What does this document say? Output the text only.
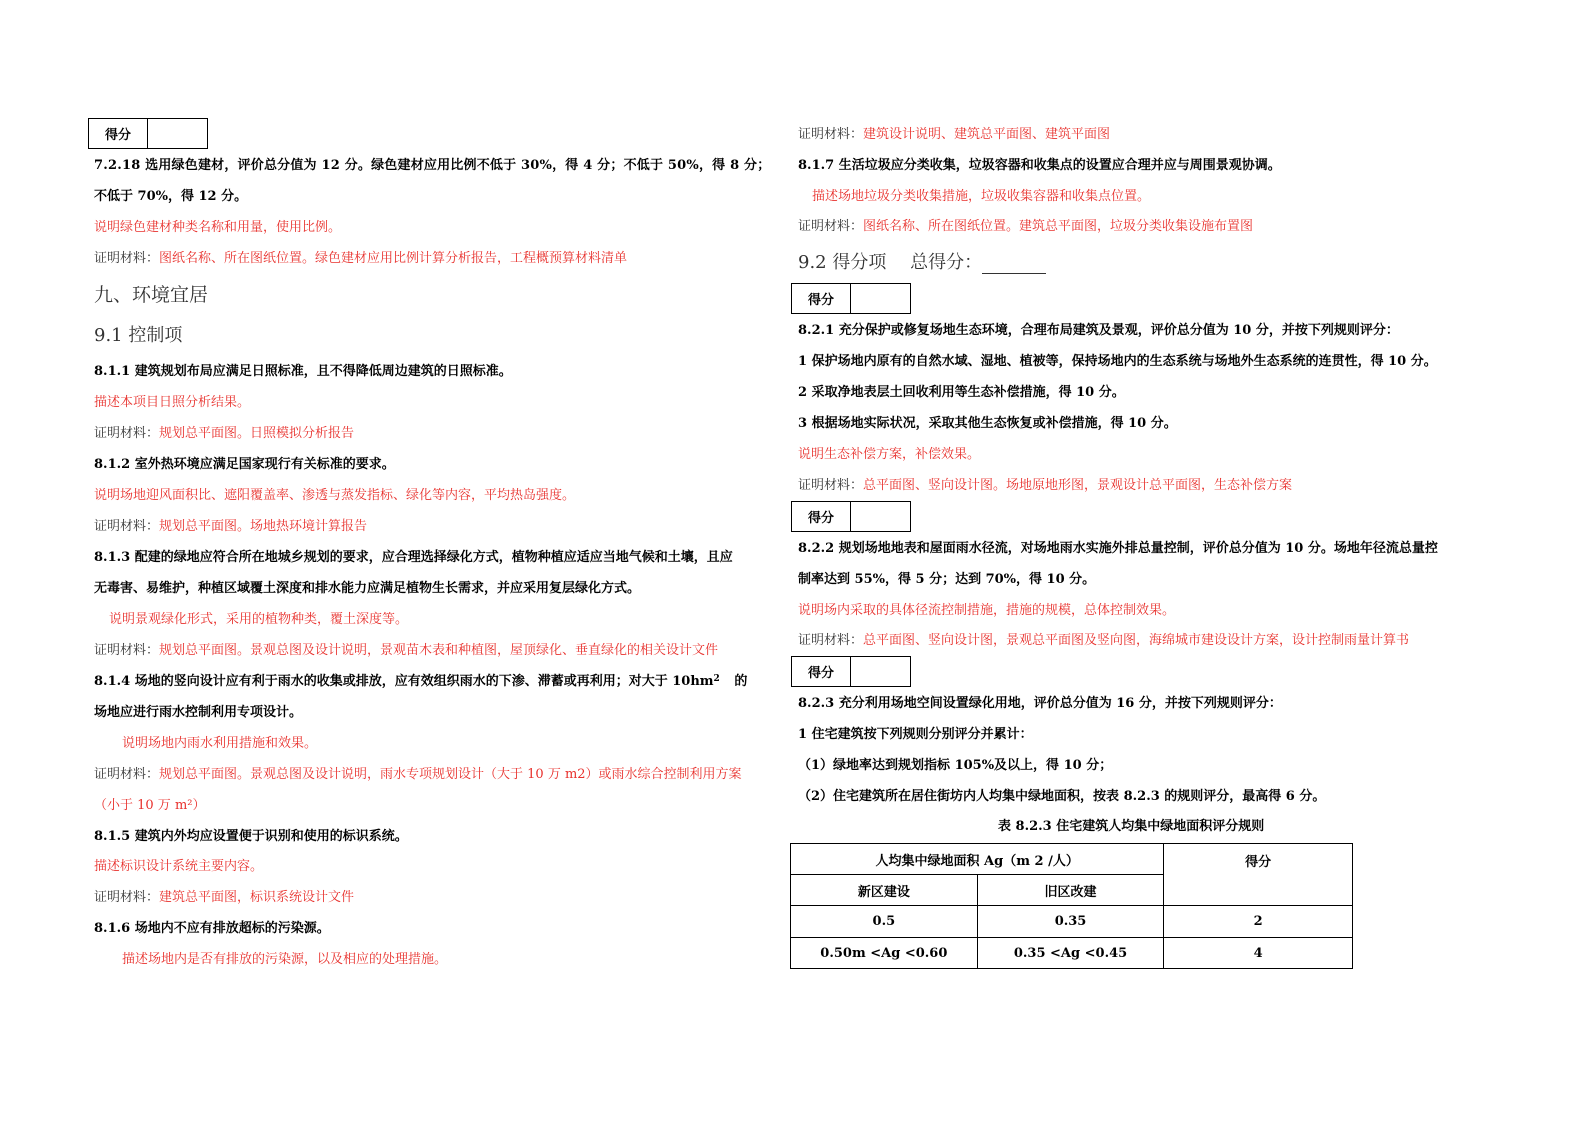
得分
7.2.18 选用绿色建材，评价总分值为 12 分。绿色建材应用比例不低于 30%，得 4 分；不低于 50%，得 8 分；
不低于 70%，得 12 分。
说明绿色建材种类名称和用量，使用比例。
证明材料：图纸名称、所在图纸位置。绿色建材应用比例计算分析报告，工程概预算材料清单
九、环境宜居
9.1 控制项
8.1.1 建筑规划布局应满足日照标准，且不得降低周边建筑的日照标准。
描述本项目日照分析结果。
证明材料：规划总平面图。日照模拟分析报告
8.1.2 室外热环境应满足国家现行有关标准的要求。
说明场地迎风面积比、遮阳覆盖率、渗透与蒸发指标、绿化等内容，平均热岛强度。
证明材料：规划总平面图。场地热环境计算报告
8.1.3 配建的绿地应符合所在地城乡规划的要求，应合理选择绿化方式，植物种植应适应当地气候和土壤，且应
无毒害、易维护，种植区域覆土深度和排水能力应满足植物生长需求，并应采用复层绿化方式。
说明景观绿化形式，采用的植物种类，覆土深度等。
证明材料：规划总平面图。景观总图及设计说明，景观苗木表和种植图，屋顶绿化、垂直绿化的相关设计文件
8.1.4 场地的竖向设计应有利于雨水的收集或排放，应有效组织雨水的下渗、滞蓄或再利用；对大于 $10hm^2$ 的
场地应进行雨水控制利用专项设计。
说明场地内雨水利用措施和效果。
证明材料：规划总平面图。景观总图及设计说明，雨水专项规划设计（大于 10 万 m2）或雨水综合控制利用方案
（小于 10 万 m²）
8.1.5 建筑内外均应设置便于识别和使用的标识系统。
描述标识设计系统主要内容。
证明材料：建筑总平面图，标识系统设计文件
8.1.6 场地内不应有排放超标的污染源。
描述场地内是否有排放的污染源，以及相应的处理措施。
证明材料：建筑设计说明、建筑总平面图、建筑平面图
8.1.7 生活垃圾应分类收集，垃圾容器和收集点的设置应合理并应与周围景观协调。
描述场地垃圾分类收集措施，垃圾收集容器和收集点位置。
证明材料：图纸名称、所在图纸位置。建筑总平面图，垃圾分类收集设施布置图
9.2 得分项 总得分：
得分
8.2.1 充分保护或修复场地生态环境，合理布局建筑及景观，评价总分值为 10 分，并按下列规则评分：
1 保护场地内原有的自然水域、湿地、植被等，保持场地内的生态系统与场地外生态系统的连贯性，得 10 分。
2 采取净地表层土回收利用等生态补偿措施，得 10 分。
3 根据场地实际状况，采取其他生态恢复或补偿措施，得 10 分。
说明生态补偿方案，补偿效果。
证明材料：总平面图、竖向设计图。场地原地形图，景观设计总平面图，生态补偿方案
得分
8.2.2 规划场地地表和屋面雨水径流，对场地雨水实施外排总量控制，评价总分值为 10 分。场地年径流总量控
制率达到 55%，得 5 分；达到 70%，得 10 分。
说明场内采取的具体径流控制措施，措施的规模，总体控制效果。
证明材料：总平面图、竖向设计图，景观总平面图及竖向图，海绵城市建设设计方案，设计控制雨量计算书
得分
8.2.3 充分利用场地空间设置绿化用地，评价总分值为 16 分，并按下列规则评分：
1 住宅建筑按下列规则分别评分并累计：
（1）绿地率达到规划指标 105%及以上，得 10 分；
（2）住宅建筑所在居住街坊内人均集中绿地面积，按表 8.2.3 的规则评分，最高得 6 分。
表 8.2.3 住宅建筑人均集中绿地面积评分规则
人均集中绿地面积 Ag（m 2 /人）		得分
新区建设	旧区改建	
0.5	0.35	2
0.50m <Ag <0.60	0.35 <Ag <0.45	4
